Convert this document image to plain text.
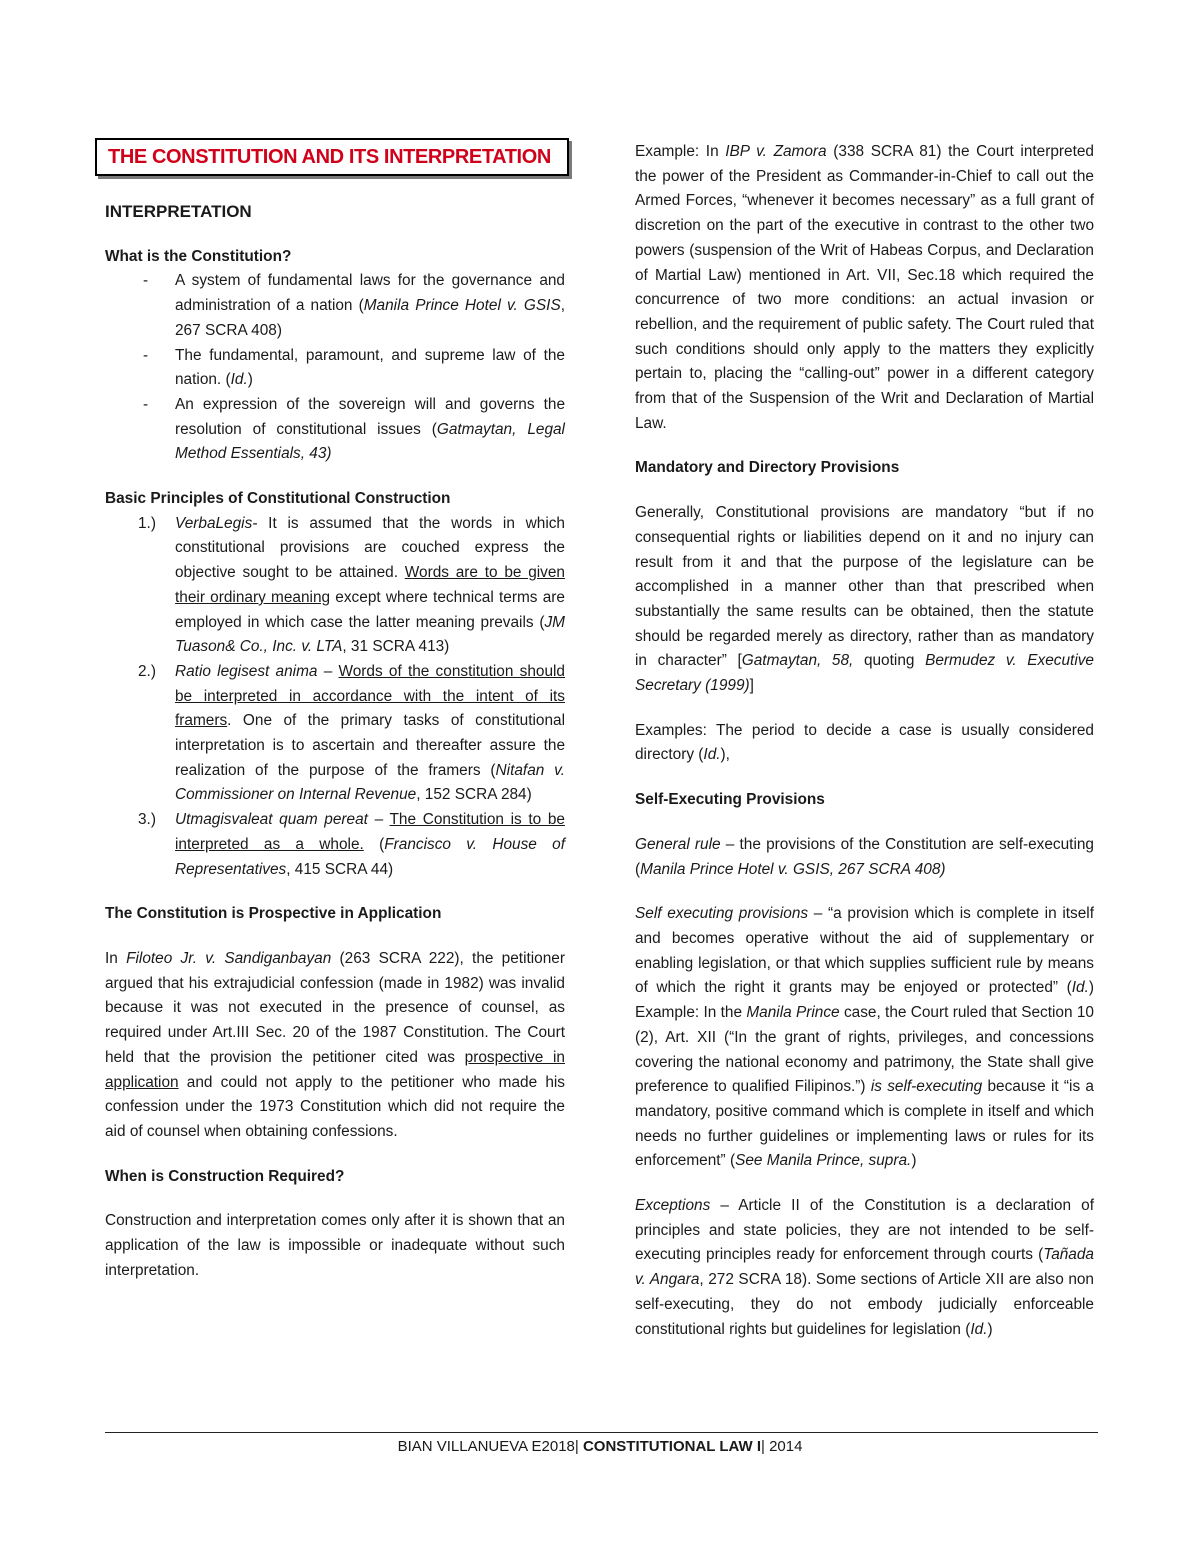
THE CONSTITUTION AND ITS INTERPRETATION

INTERPRETATION

What is the Constitution?

- A system of fundamental laws for the governance and administration of a nation (Manila Prince Hotel v. GSIS, 267 SCRA 408)
- The fundamental, paramount, and supreme law of the nation. (Id.)
- An expression of the sovereign will and governs the resolution of constitutional issues (Gatmaytan, Legal Method Essentials, 43)

Basic Principles of Constitutional Construction

1.) VerbaLegis- It is assumed that the words in which constitutional provisions are couched express the objective sought to be attained. Words are to be given their ordinary meaning except where technical terms are employed in which case the latter meaning prevails (JM Tuason& Co., Inc. v. LTA, 31 SCRA 413)
2.) Ratio legisest anima – Words of the constitution should be interpreted in accordance with the intent of its framers. One of the primary tasks of constitutional interpretation is to ascertain and thereafter assure the realization of the purpose of the framers (Nitafan v. Commissioner on Internal Revenue, 152 SCRA 284)
3.) Utmagisvaleat quam pereat – The Constitution is to be interpreted as a whole. (Francisco v. House of Representatives, 415 SCRA 44)

The Constitution is Prospective in Application

In Filoteo Jr. v. Sandiganbayan (263 SCRA 222), the petitioner argued that his extrajudicial confession (made in 1982) was invalid because it was not executed in the presence of counsel, as required under Art.III Sec. 20 of the 1987 Constitution. The Court held that the provision the petitioner cited was prospective in application and could not apply to the petitioner who made his confession under the 1973 Constitution which did not require the aid of counsel when obtaining confessions.

When is Construction Required?

Construction and interpretation comes only after it is shown that an application of the law is impossible or inadequate without such interpretation.

Example: In IBP v. Zamora (338 SCRA 81) the Court interpreted the power of the President as Commander-in-Chief to call out the Armed Forces, “whenever it becomes necessary” as a full grant of discretion on the part of the executive in contrast to the other two powers (suspension of the Writ of Habeas Corpus, and Declaration of Martial Law) mentioned in Art. VII, Sec.18 which required the concurrence of two more conditions: an actual invasion or rebellion, and the requirement of public safety. The Court ruled that such conditions should only apply to the matters they explicitly pertain to, placing the “calling-out” power in a different category from that of the Suspension of the Writ and Declaration of Martial Law.

Mandatory and Directory Provisions

Generally, Constitutional provisions are mandatory “but if no consequential rights or liabilities depend on it and no injury can result from it and that the purpose of the legislature can be accomplished in a manner other than that prescribed when substantially the same results can be obtained, then the statute should be regarded merely as directory, rather than as mandatory in character” [Gatmaytan, 58, quoting Bermudez v. Executive Secretary (1999)]

Examples: The period to decide a case is usually considered directory (Id.),

Self-Executing Provisions

General rule – the provisions of the Constitution are self-executing (Manila Prince Hotel v. GSIS, 267 SCRA 408)

Self executing provisions – “a provision which is complete in itself and becomes operative without the aid of supplementary or enabling legislation, or that which supplies sufficient rule by means of which the right it grants may be enjoyed or protected” (Id.) Example: In the Manila Prince case, the Court ruled that Section 10 (2), Art. XII (“In the grant of rights, privileges, and concessions covering the national economy and patrimony, the State shall give preference to qualified Filipinos.”) is self-executing because it “is a mandatory, positive command which is complete in itself and which needs no further guidelines or implementing laws or rules for its enforcement” (See Manila Prince, supra.)

Exceptions – Article II of the Constitution is a declaration of principles and state policies, they are not intended to be self-executing principles ready for enforcement through courts (Tañada v. Angara, 272 SCRA 18). Some sections of Article XII are also non self-executing, they do not embody judicially enforceable constitutional rights but guidelines for legislation (Id.)

BIAN VILLANUEVA E2018| CONSTITUTIONAL LAW I| 2014
